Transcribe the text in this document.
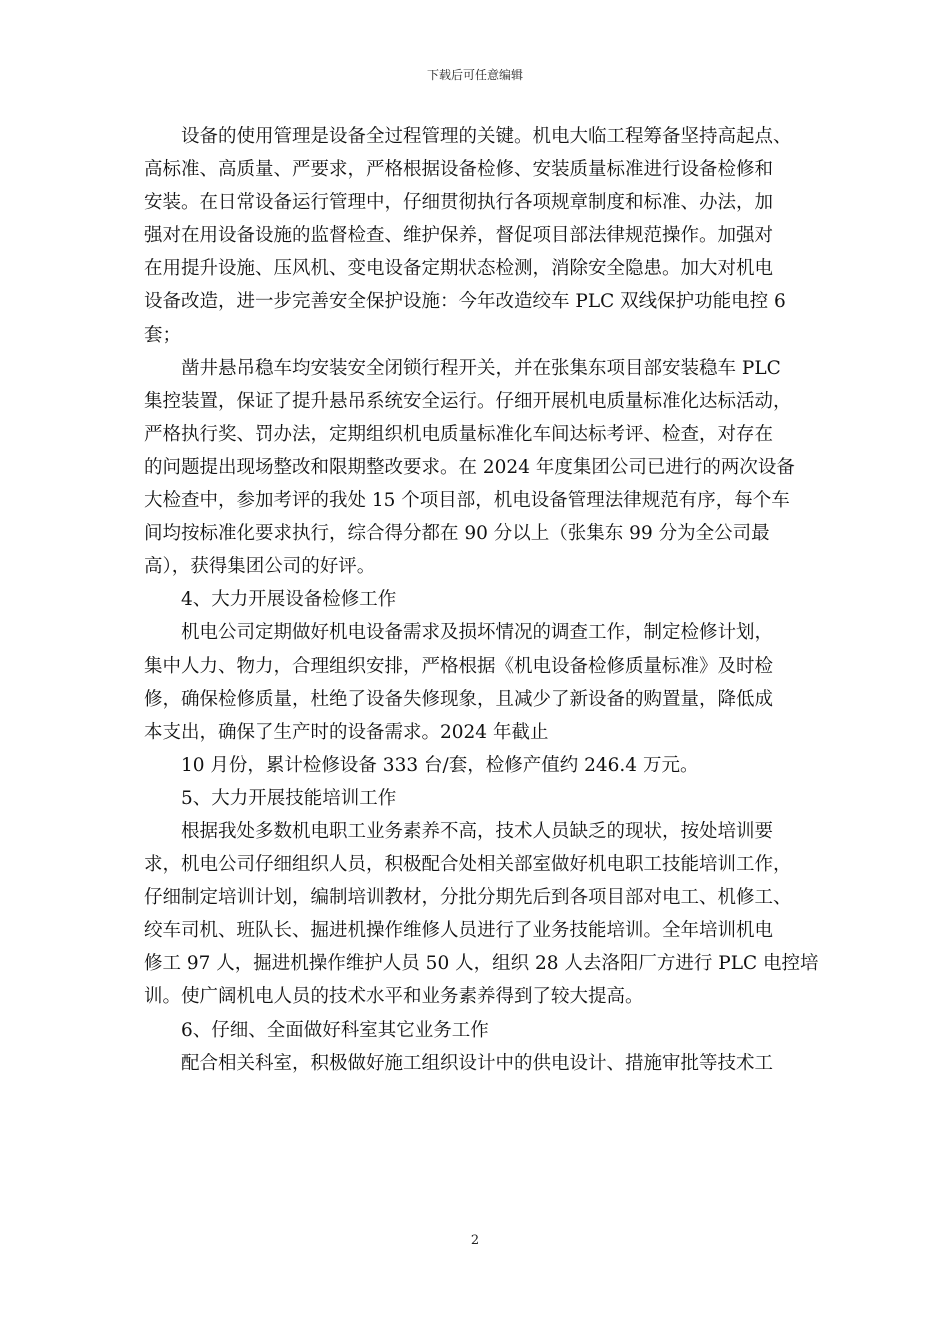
下载后可任意编辑
设备的使用管理是设备全过程管理的关键。机电大临工程筹备坚持高起点、
高标准、高质量、严要求，严格根据设备检修、安装质量标准进行设备检修和
安装。在日常设备运行管理中，仔细贯彻执行各项规章制度和标准、办法，加
强对在用设备设施的监督检查、维护保养，督促项目部法律规范操作。加强对
在用提升设施、压风机、变电设备定期状态检测，消除安全隐患。加大对机电
设备改造，进一步完善安全保护设施：今年改造绞车 PLC 双线保护功能电控 6
套；
凿井悬吊稳车均安装安全闭锁行程开关，并在张集东项目部安装稳车 PLC
集控装置，保证了提升悬吊系统安全运行。仔细开展机电质量标准化达标活动，
严格执行奖、罚办法，定期组织机电质量标准化车间达标考评、检查，对存在
的问题提出现场整改和限期整改要求。在 2024 年度集团公司已进行的两次设备
大检查中，参加考评的我处 15 个项目部，机电设备管理法律规范有序，每个车
间均按标准化要求执行，综合得分都在 90 分以上（张集东 99 分为全公司最
高），获得集团公司的好评。
4、大力开展设备检修工作
机电公司定期做好机电设备需求及损坏情况的调查工作，制定检修计划，
集中人力、物力，合理组织安排，严格根据《机电设备检修质量标准》及时检
修，确保检修质量，杜绝了设备失修现象，且减少了新设备的购置量，降低成
本支出，确保了生产时的设备需求。2024 年截止
10 月份，累计检修设备 333 台/套，检修产值约 246.4 万元。
5、大力开展技能培训工作
根据我处多数机电职工业务素养不高，技术人员缺乏的现状，按处培训要
求，机电公司仔细组织人员，积极配合处相关部室做好机电职工技能培训工作，
仔细制定培训计划，编制培训教材，分批分期先后到各项目部对电工、机修工、
绞车司机、班队长、掘进机操作维修人员进行了业务技能培训。全年培训机电
修工 97 人，掘进机操作维护人员 50 人，组织 28 人去洛阳厂方进行 PLC 电控培
训。使广阔机电人员的技术水平和业务素养得到了较大提高。
6、仔细、全面做好科室其它业务工作
配合相关科室，积极做好施工组织设计中的供电设计、措施审批等技术工
2
